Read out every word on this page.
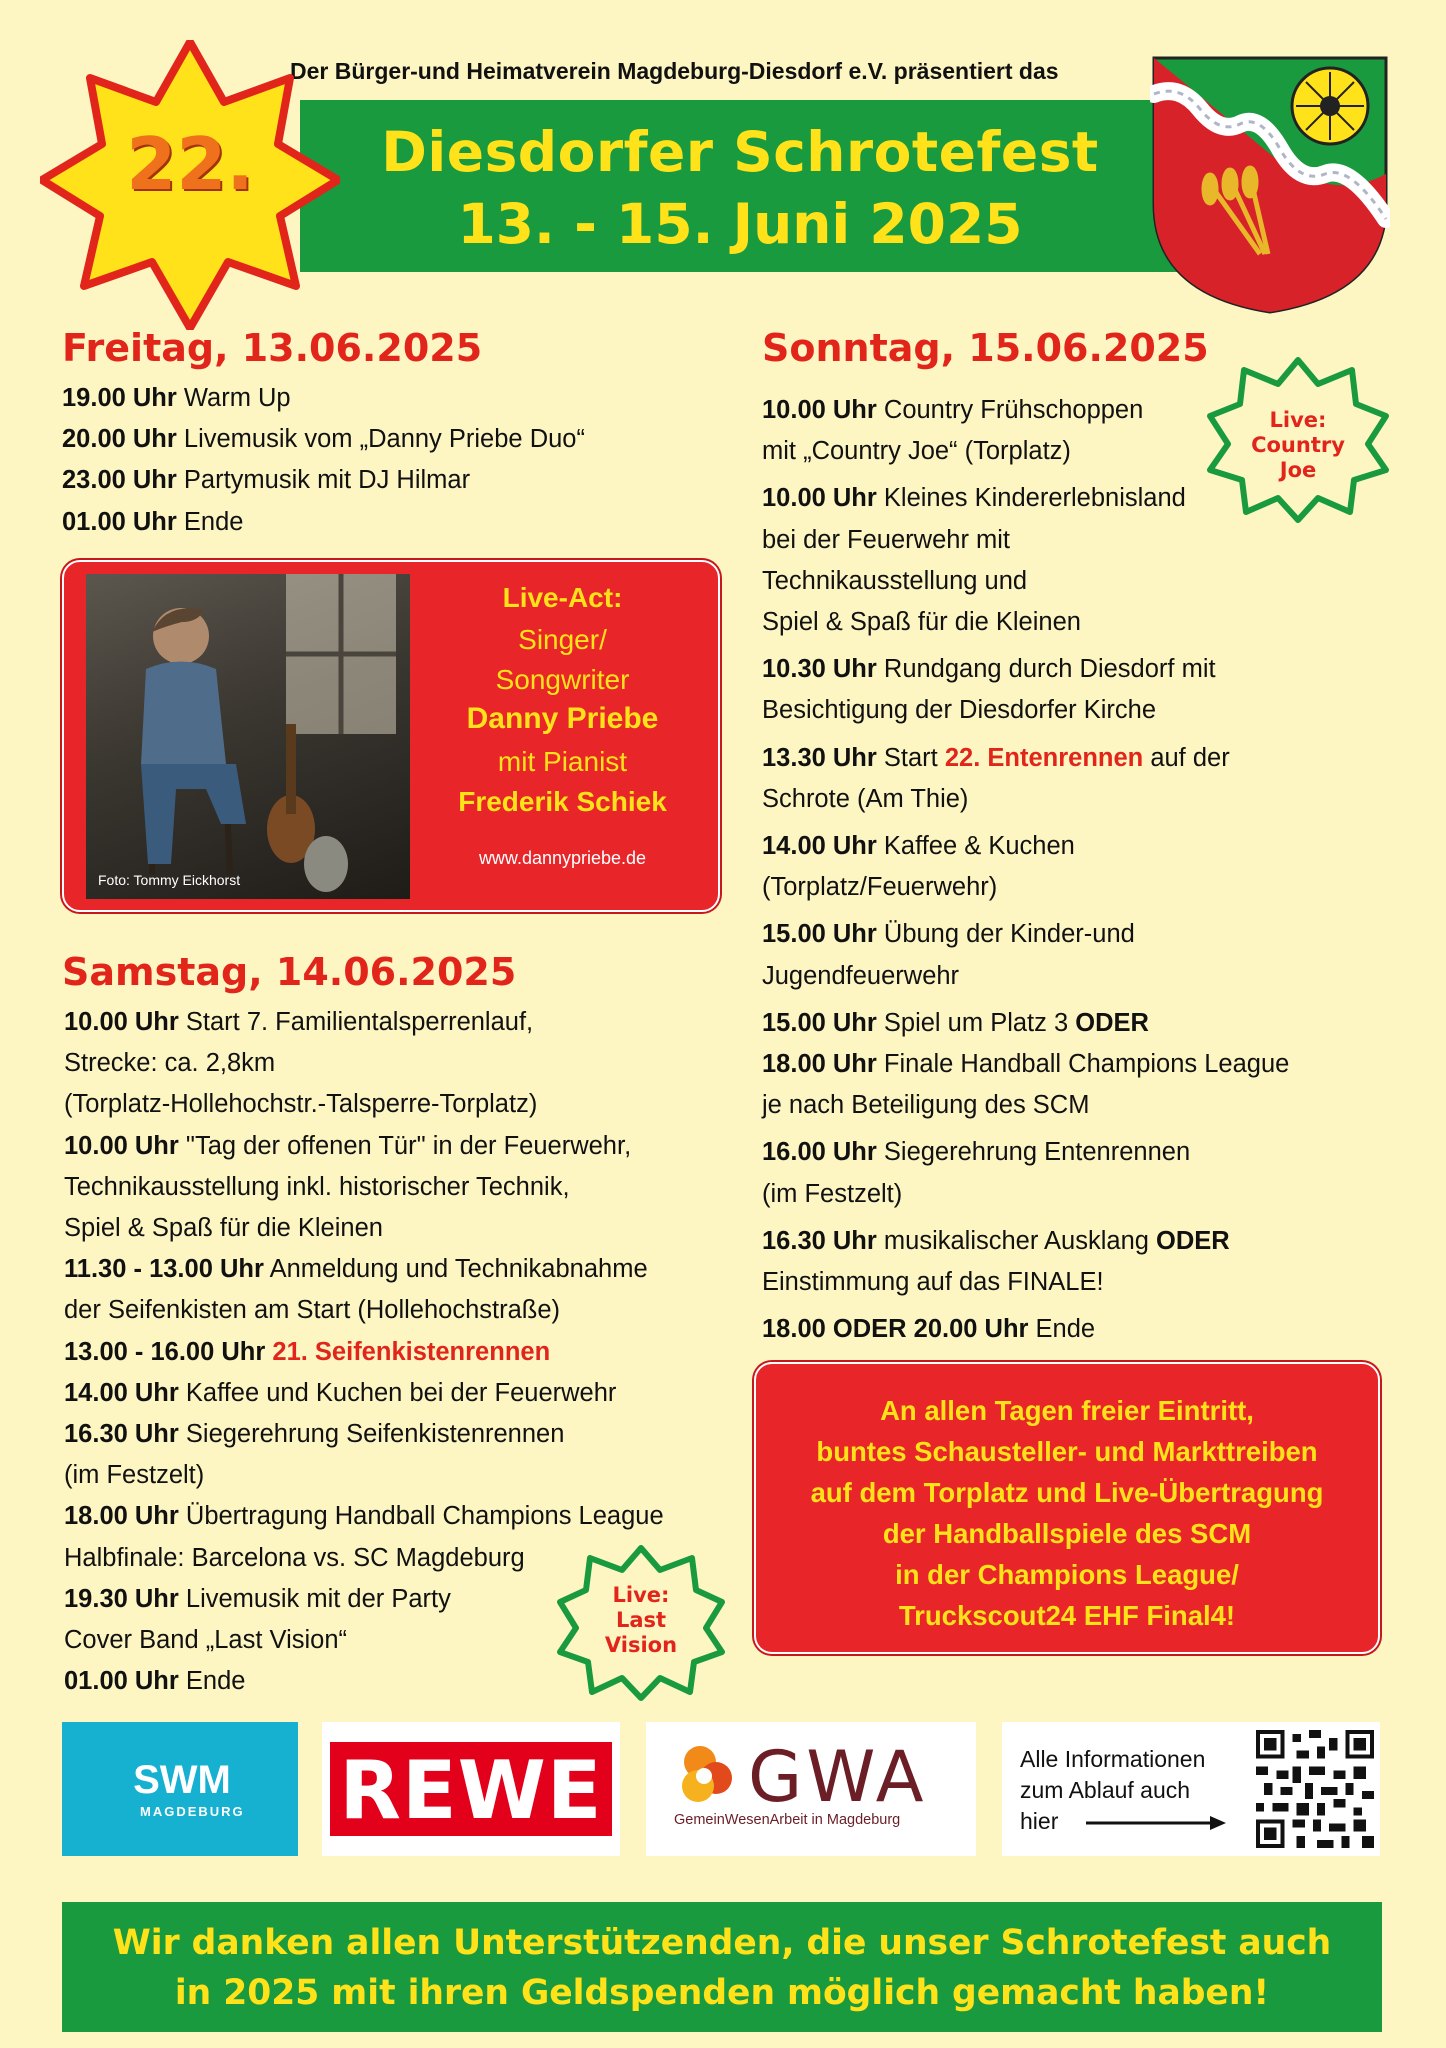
Der Bürger-und Heimatverein Magdeburg-Diesdorf e.V. präsentiert das
Diesdorfer Schrotefest
13. - 15. Juni 2025
22.
Freitag, 13.06.2025
19.00 Uhr Warm Up
20.00 Uhr Livemusik vom „Danny Priebe Duo“
23.00 Uhr Partymusik mit DJ Hilmar
01.00 Uhr Ende
Foto: Tommy Eickhorst
Live-Act:
Singer/
Songwriter
Danny Priebe
mit Pianist
Frederik Schiek
www.dannypriebe.de
Samstag, 14.06.2025
10.00 Uhr Start 7. Familientalsperrenlauf,
Strecke: ca. 2,8km
(Torplatz-Hollehochstr.-Talsperre-Torplatz)
10.00 Uhr "Tag der offenen Tür" in der Feuerwehr,
Technikausstellung inkl. historischer Technik,
Spiel & Spaß für die Kleinen
11.30 - 13.00 Uhr Anmeldung und Technikabnahme
der Seifenkisten am Start (Hollehochstraße)
13.00 - 16.00 Uhr 21. Seifenkistenrennen
14.00 Uhr Kaffee und Kuchen bei der Feuerwehr
16.30 Uhr Siegerehrung Seifenkistenrennen
(im Festzelt)
18.00 Uhr Übertragung Handball Champions League
Halbfinale: Barcelona vs. SC Magdeburg
19.30 Uhr Livemusik mit der Party
Cover Band „Last Vision“
01.00 Uhr Ende
Sonntag, 15.06.2025
10.00 Uhr Country Frühschoppen
mit „Country Joe“ (Torplatz)
10.00 Uhr Kleines Kindererlebnisland
bei der Feuerwehr mit
Technikausstellung und
Spiel & Spaß für die Kleinen
10.30 Uhr Rundgang durch Diesdorf mit
Besichtigung der Diesdorfer Kirche
13.30 Uhr Start 22. Entenrennen auf der
Schrote (Am Thie)
14.00 Uhr Kaffee & Kuchen
(Torplatz/Feuerwehr)
15.00 Uhr Übung der Kinder-und
Jugendfeuerwehr
15.00 Uhr Spiel um Platz 3 ODER
18.00 Uhr Finale Handball Champions League
je nach Beteiligung des SCM
16.00 Uhr Siegerehrung Entenrennen
(im Festzelt)
16.30 Uhr musikalischer Ausklang ODER
Einstimmung auf das FINALE!
18.00 ODER 20.00 Uhr Ende
Live:
Country
Joe
Live:
Last
Vision
An allen Tagen freier Eintritt,
buntes Schausteller- und Markttreiben
auf dem Torplatz und Live-Übertragung
der Handballspiele des SCM
in der Champions League/
Truckscout24 EHF Final4!
SWM
MAGDEBURG REWE GWA
GemeinWesenArbeit in Magdeburg
Alle Informationen
zum Ablauf auch
hier
Wir danken allen Unterstützenden, die unser Schrotefest auch
in 2025 mit ihren Geldspenden möglich gemacht haben!
